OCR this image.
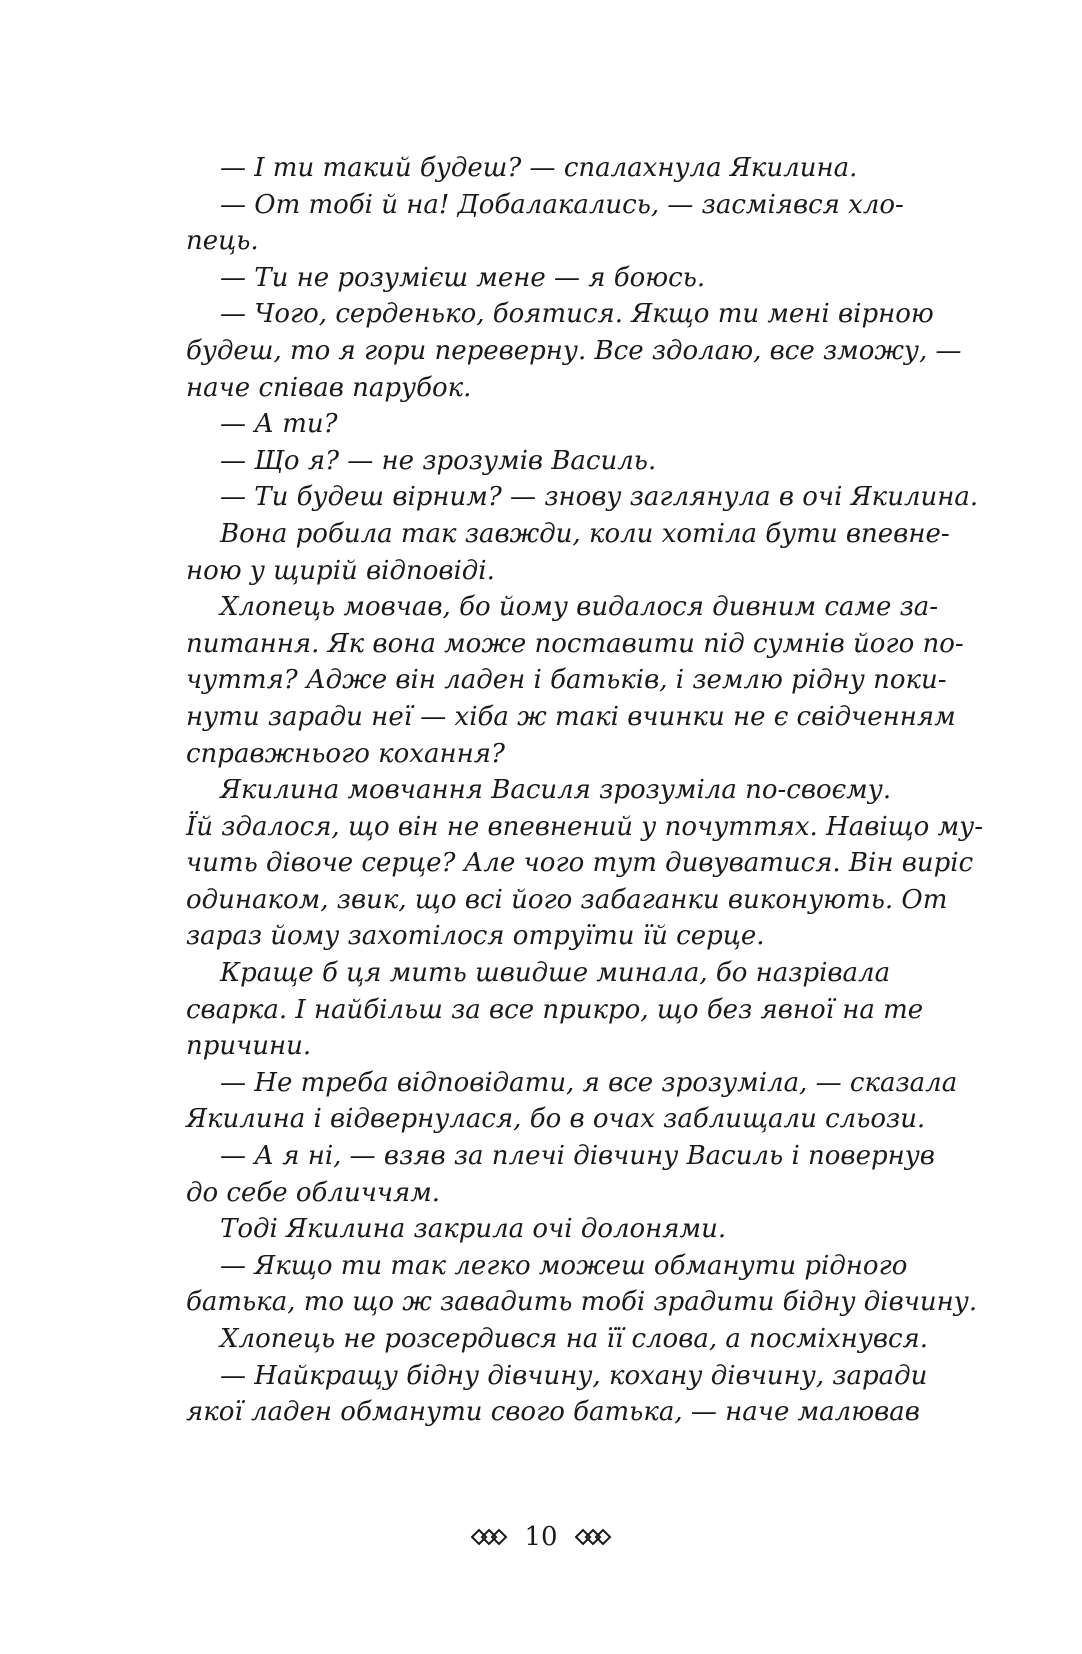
— І ти такий будеш? — спалахнула Якилина.
— От тобі й на! Добалакались, — засміявся хло-
пець.
— Ти не розумієш мене — я боюсь.
— Чого, серденько, боятися. Якщо ти мені вірною
будеш, то я гори переверну. Все здолаю, все зможу, —
наче співав парубок.
— А ти?
— Що я? — не зрозумів Василь.
— Ти будеш вірним? — знову заглянула в очі Якилина.
Вона робила так завжди, коли хотіла бути впевне-
ною у щирій відповіді.
Хлопець мовчав, бо йому видалося дивним саме за-
питання. Як вона може поставити під сумнів його по-
чуття? Адже він ладен і батьків, і землю рідну поки-
нути заради неї — хіба ж такі вчинки не є свідченням
справжнього кохання?
Якилина мовчання Василя зрозуміла по-своєму.
Їй здалося, що він не впевнений у почуттях. Навіщо му-
чить дівоче серце? Але чого тут дивуватися. Він виріс
одинаком, звик, що всі його забаганки виконують. От
зараз йому захотілося отруїти їй серце.
Краще б ця мить швидше минала, бо назрівала
сварка. І найбільш за все прикро, що без явної на те
причини.
— Не треба відповідати, я все зрозуміла, — сказала
Якилина і відвернулася, бо в очах заблищали сльози.
— А я ні, — взяв за плечі дівчину Василь і повернув
до себе обличчям.
Тоді Якилина закрила очі долонями.
— Якщо ти так легко можеш обманути рідного
батька, то що ж завадить тобі зрадити бідну дівчину.
Хлопець не розсердився на її слова, а посміхнувся.
— Найкращу бідну дівчину, кохану дівчину, заради
якої ладен обманути свого батька, — наче малював
10
